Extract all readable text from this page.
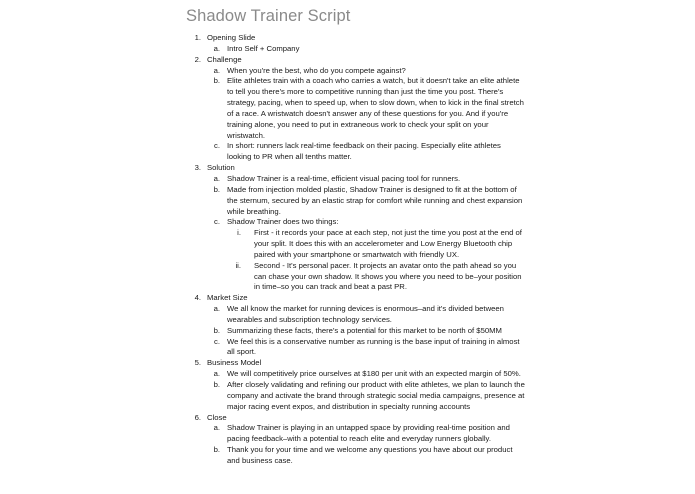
Shadow Trainer Script
1 . Opening Slide
a . Intro Self + Company
2 . Challenge
a . When you're the best, who do you compete against?
b . Elite athletes train with a coach who carries a watch, but it doesn't take an elite athlete to tell you there's more to competitive running than just the time you post. There's strategy, pacing, when to speed up, when to slow down, when to kick in the final stretch of a race. A wristwatch doesn't answer any of these questions for you. And if you're training alone, you need to put in extraneous work to check your split on your wristwatch.
c . In short: runners lack real-time feedback on their pacing. Especially elite athletes looking to PR when all tenths matter.
3 . Solution
a . Shadow Trainer is a real-time, efficient visual pacing tool for runners.
b . Made from injection molded plastic, Shadow Trainer is designed to fit at the bottom of the sternum, secured by an elastic strap for comfort while running and chest expansion while breathing.
c . Shadow Trainer does two things:
i . First - it records your pace at each step, not just the time you post at the end of your split. It does this with an accelerometer and Low Energy Bluetooth chip paired with your smartphone or smartwatch with friendly UX.
ii . Second - It's personal pacer. It projects an avatar onto the path ahead so you can chase your own shadow. It shows you where you need to be–your position in time–so you can track and beat a past PR.
4 . Market Size
a . We all know the market for running devices is enormous–and it's divided between wearables and subscription technology services.
b . Summarizing these facts, there's a potential for this market to be north of $50MM
c . We feel this is a conservative number as running is the base input of training in almost all sport.
5 . Business Model
a . We will competitively price ourselves at $180 per unit with an expected margin of 50%.
b . After closely validating and refining our product with elite athletes, we plan to launch the company and activate the brand through strategic social media campaigns, presence at major racing event expos, and distribution in specialty running accounts
6 . Close
a . Shadow Trainer is playing in an untapped space by providing real-time position and pacing feedback–with a potential to reach elite and everyday runners globally.
b . Thank you for your time and we welcome any questions you have about our product and business case.
